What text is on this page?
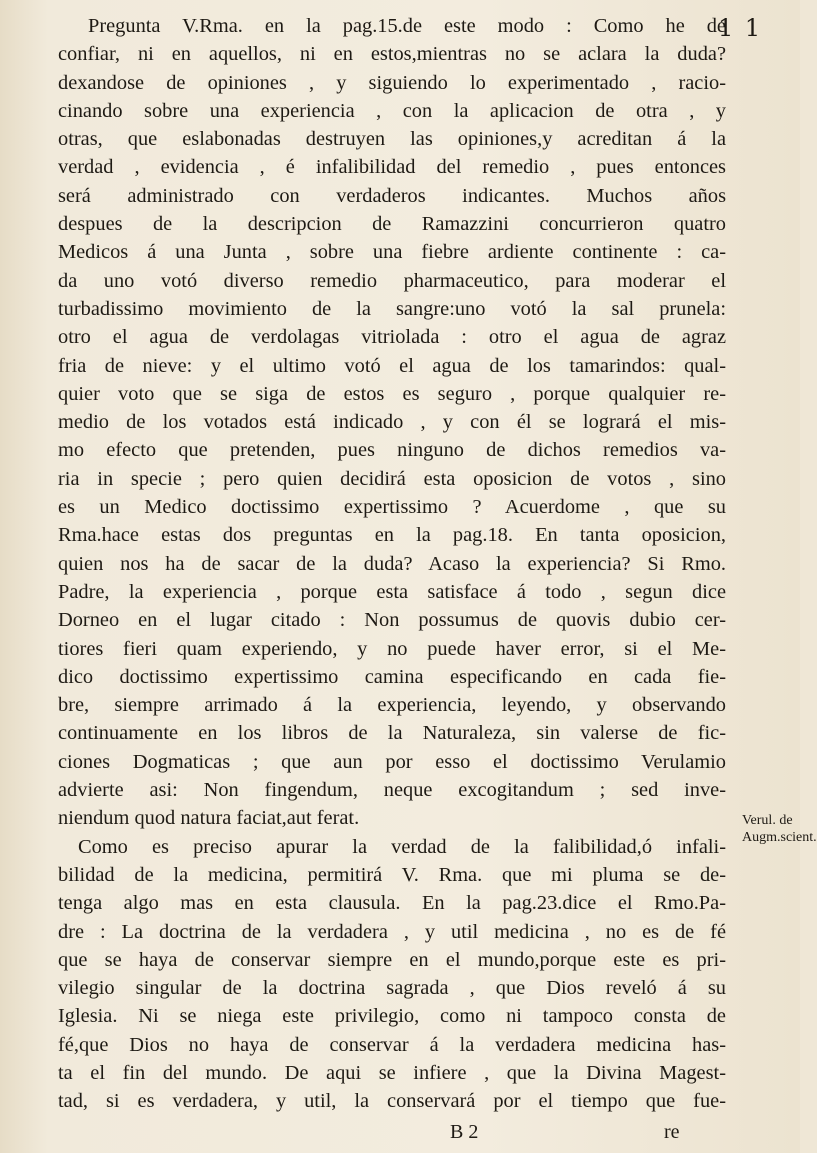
1 1
Pregunta V.Rma. en la pag.15.de este modo : Como he de
confiar, ni en aquellos, ni en estos,mientras no se aclara la duda?
dexandose de opiniones , y siguiendo lo experimentado , racio-
cinando sobre una experiencia , con la aplicacion de otra , y
otras, que eslabonadas destruyen las opiniones,y acreditan á la
verdad , evidencia , é infalibilidad del remedio , pues entonces
será administrado con verdaderos indicantes. Muchos años
despues de la descripcion de Ramazzini concurrieron quatro
Medicos á una Junta , sobre una fiebre ardiente continente : ca-
da uno votó diverso remedio pharmaceutico, para moderar el
turbadissimo movimiento de la sangre:uno votó la sal prunela:
otro el agua de verdolagas vitriolada : otro el agua de agraz
fria de nieve: y el ultimo votó el agua de los tamarindos: qual-
quier voto que se siga de estos es seguro , porque qualquier re-
medio de los votados está indicado , y con él se logrará el mis-
mo efecto que pretenden, pues ninguno de dichos remedios va-
ria in specie ; pero quien decidirá esta oposicion de votos , sino
es un Medico doctissimo expertissimo ? Acuerdome , que su
Rma.hace estas dos preguntas en la pag.18. En tanta oposicion,
quien nos ha de sacar de la duda? Acaso la experiencia? Si Rmo.
Padre, la experiencia , porque esta satisface á todo , segun dice
Dorneo en el lugar citado : Non possumus de quovis dubio cer-
tiores fieri quam experiendo, y no puede haver error, si el Me-
dico doctissimo expertissimo camina especificando en cada fie-
bre, siempre arrimado á la experiencia, leyendo, y observando
continuamente en los libros de la Naturaleza, sin valerse de fic-
ciones Dogmaticas ; que aun por esso el doctissimo Verulamio
advierte asi: Non fingendum, neque excogitandum ; sed inve-
niendum quod natura faciat,aut ferat.
Como es preciso apurar la verdad de la falibilidad,ó infali-
bilidad de la medicina, permitirá V. Rma. que mi pluma se de-
tenga algo mas en esta clausula. En la pag.23.dice el Rmo.Pa-
dre : La doctrina de la verdadera , y util medicina , no es de fé
que se haya de conservar siempre en el mundo,porque este es pri-
vilegio singular de la doctrina sagrada , que Dios reveló á su
Iglesia. Ni se niega este privilegio, como ni tampoco consta de
fé,que Dios no haya de conservar á la verdadera medicina has-
ta el fin del mundo. De aqui se infiere , que la Divina Magest-
tad, si es verdadera, y util, la conservará por el tiempo que fue-
Verul. de
Augm.scient.
B 2	re
